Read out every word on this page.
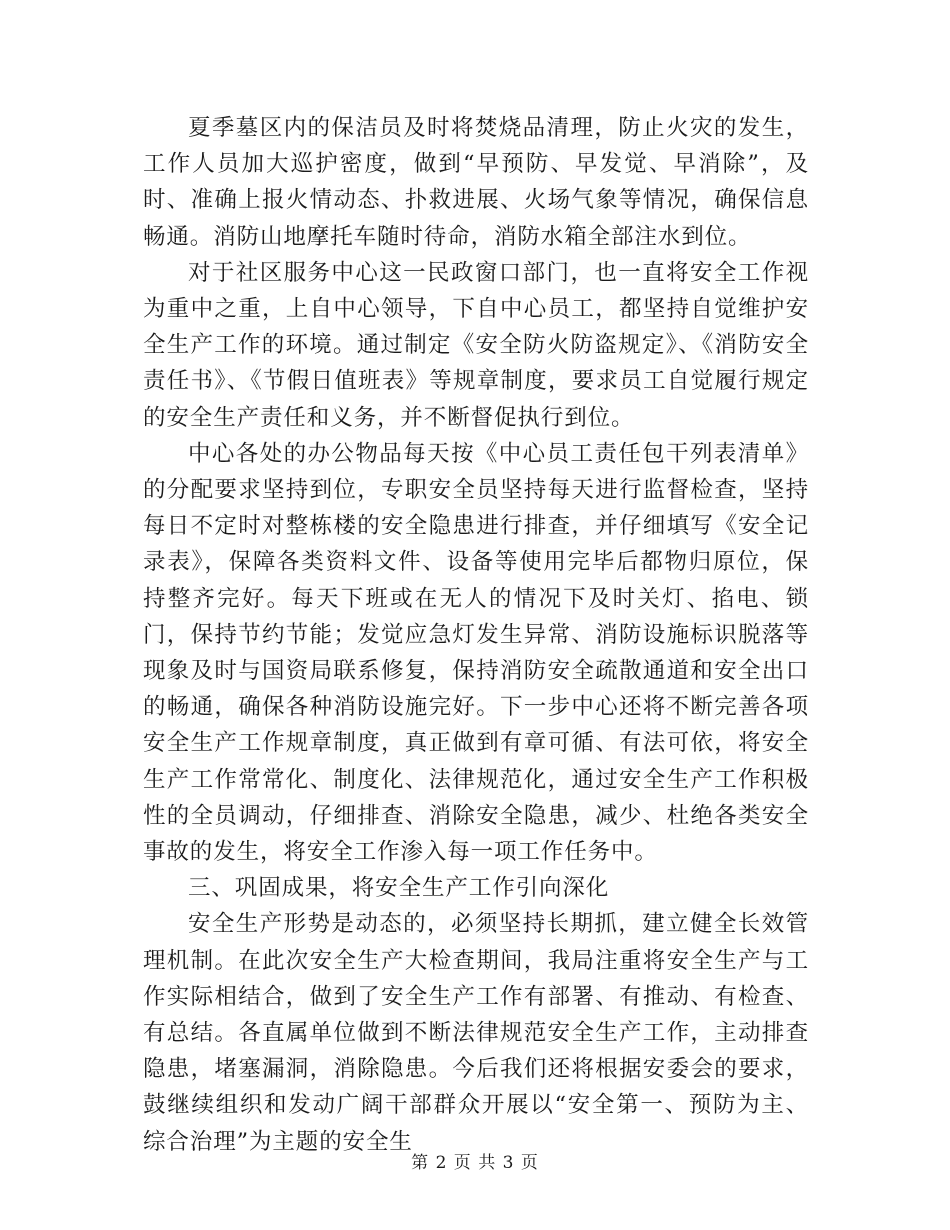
夏季墓区内的保洁员及时将焚烧品清理，防止火灾的发生，工作人员加大巡护密度，做到“早预防、早发觉、早消除”，及时、准确上报火情动态、扑救进展、火场气象等情况，确保信息畅通。消防山地摩托车随时待命，消防水箱全部注水到位。

对于社区服务中心这一民政窗口部门，也一直将安全工作视为重中之重，上自中心领导，下自中心员工，都坚持自觉维护安全生产工作的环境。通过制定《安全防火防盗规定》、《消防安全责任书》、《节假日值班表》等规章制度，要求员工自觉履行规定的安全生产责任和义务，并不断督促执行到位。

中心各处的办公物品每天按《中心员工责任包干列表清单》的分配要求坚持到位，专职安全员坚持每天进行监督检查，坚持每日不定时对整栋楼的安全隐患进行排查，并仔细填写《安全记录表》，保障各类资料文件、设备等使用完毕后都物归原位，保持整齐完好。每天下班或在无人的情况下及时关灯、掐电、锁门，保持节约节能；发觉应急灯发生异常、消防设施标识脱落等现象及时与国资局联系修复，保持消防安全疏散通道和安全出口的畅通，确保各种消防设施完好。下一步中心还将不断完善各项安全生产工作规章制度，真正做到有章可循、有法可依，将安全生产工作常常化、制度化、法律规范化，通过安全生产工作积极性的全员调动，仔细排查、消除安全隐患，减少、杜绝各类安全事故的发生，将安全工作渗入每一项工作任务中。

三、巩固成果，将安全生产工作引向深化

安全生产形势是动态的，必须坚持长期抓，建立健全长效管理机制。在此次安全生产大检查期间，我局注重将安全生产与工作实际相结合，做到了安全生产工作有部署、有推动、有检查、有总结。各直属单位做到不断法律规范安全生产工作，主动排查隐患，堵塞漏洞，消除隐患。今后我们还将根据安委会的要求，鼓继续组织和发动广阔干部群众开展以“安全第一、预防为主、综合治理”为主题的安全生

第 2 页 共 3 页
